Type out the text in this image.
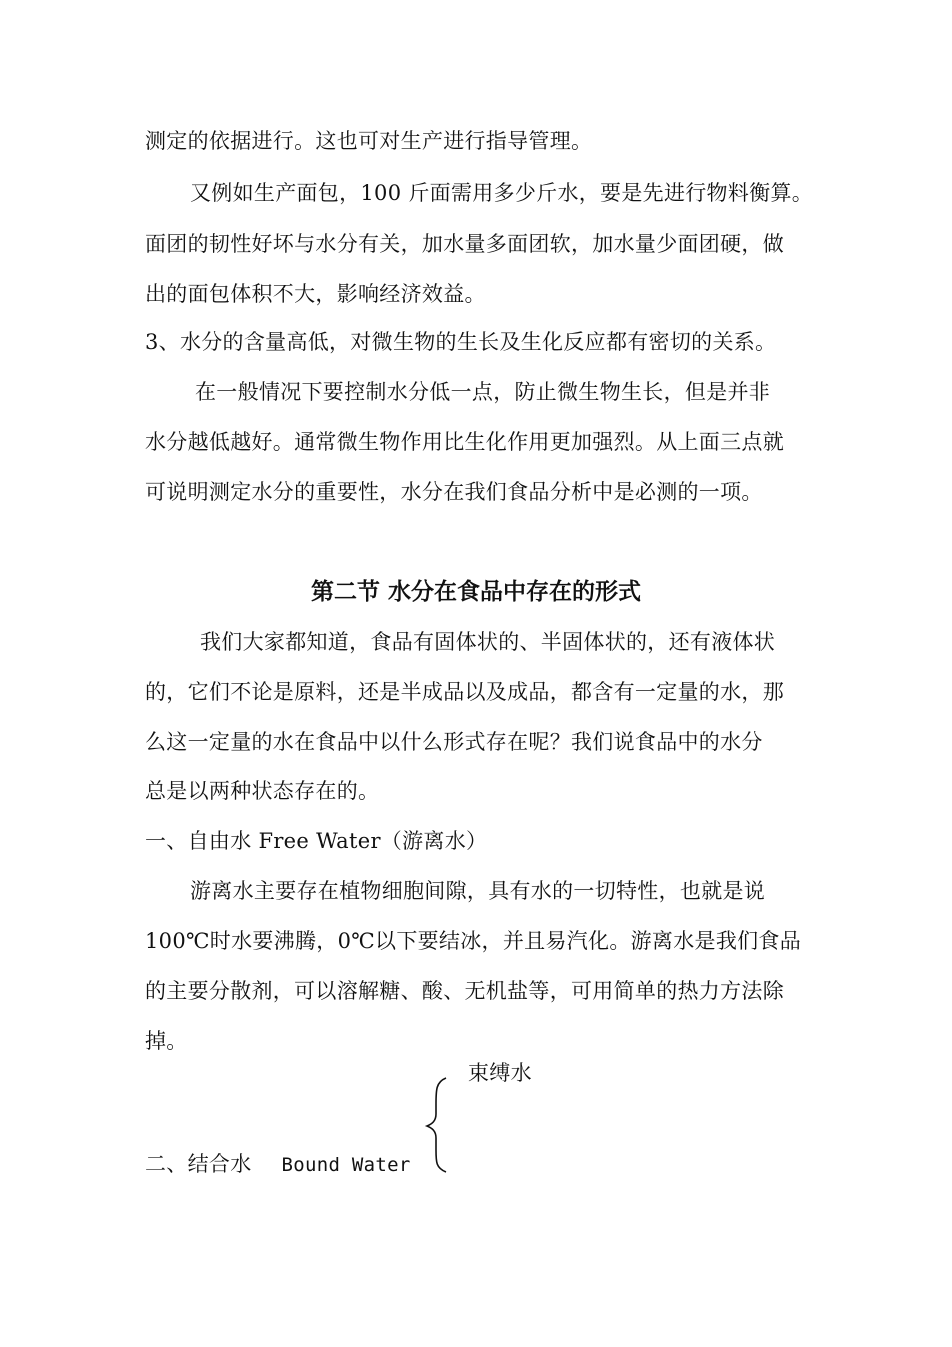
测定的依据进行。这也可对生产进行指导管理。
又例如生产面包，100 斤面需用多少斤水，要是先进行物料衡算。
面团的韧性好坏与水分有关，加水量多面团软，加水量少面团硬，做
出的面包体积不大，影响经济效益。
3、水分的含量高低，对微生物的生长及生化反应都有密切的关系。
在一般情况下要控制水分低一点，防止微生物生长，但是并非
水分越低越好。通常微生物作用比生化作用更加强烈。从上面三点就
可说明测定水分的重要性，水分在我们食品分析中是必测的一项。
第二节 水分在食品中存在的形式
我们大家都知道，食品有固体状的、半固体状的，还有液体状
的，它们不论是原料，还是半成品以及成品，都含有一定量的水，那
么这一定量的水在食品中以什么形式存在呢？我们说食品中的水分
总是以两种状态存在的。
一、自由水 Free Water（游离水）
游离水主要存在植物细胞间隙，具有水的一切特性，也就是说
100℃时水要沸腾，0℃以下要结冰，并且易汽化。游离水是我们食品
的主要分散剂，可以溶解糖、酸、无机盐等，可用简单的热力方法除
掉。
束缚水
二、结合水 Bound Water
